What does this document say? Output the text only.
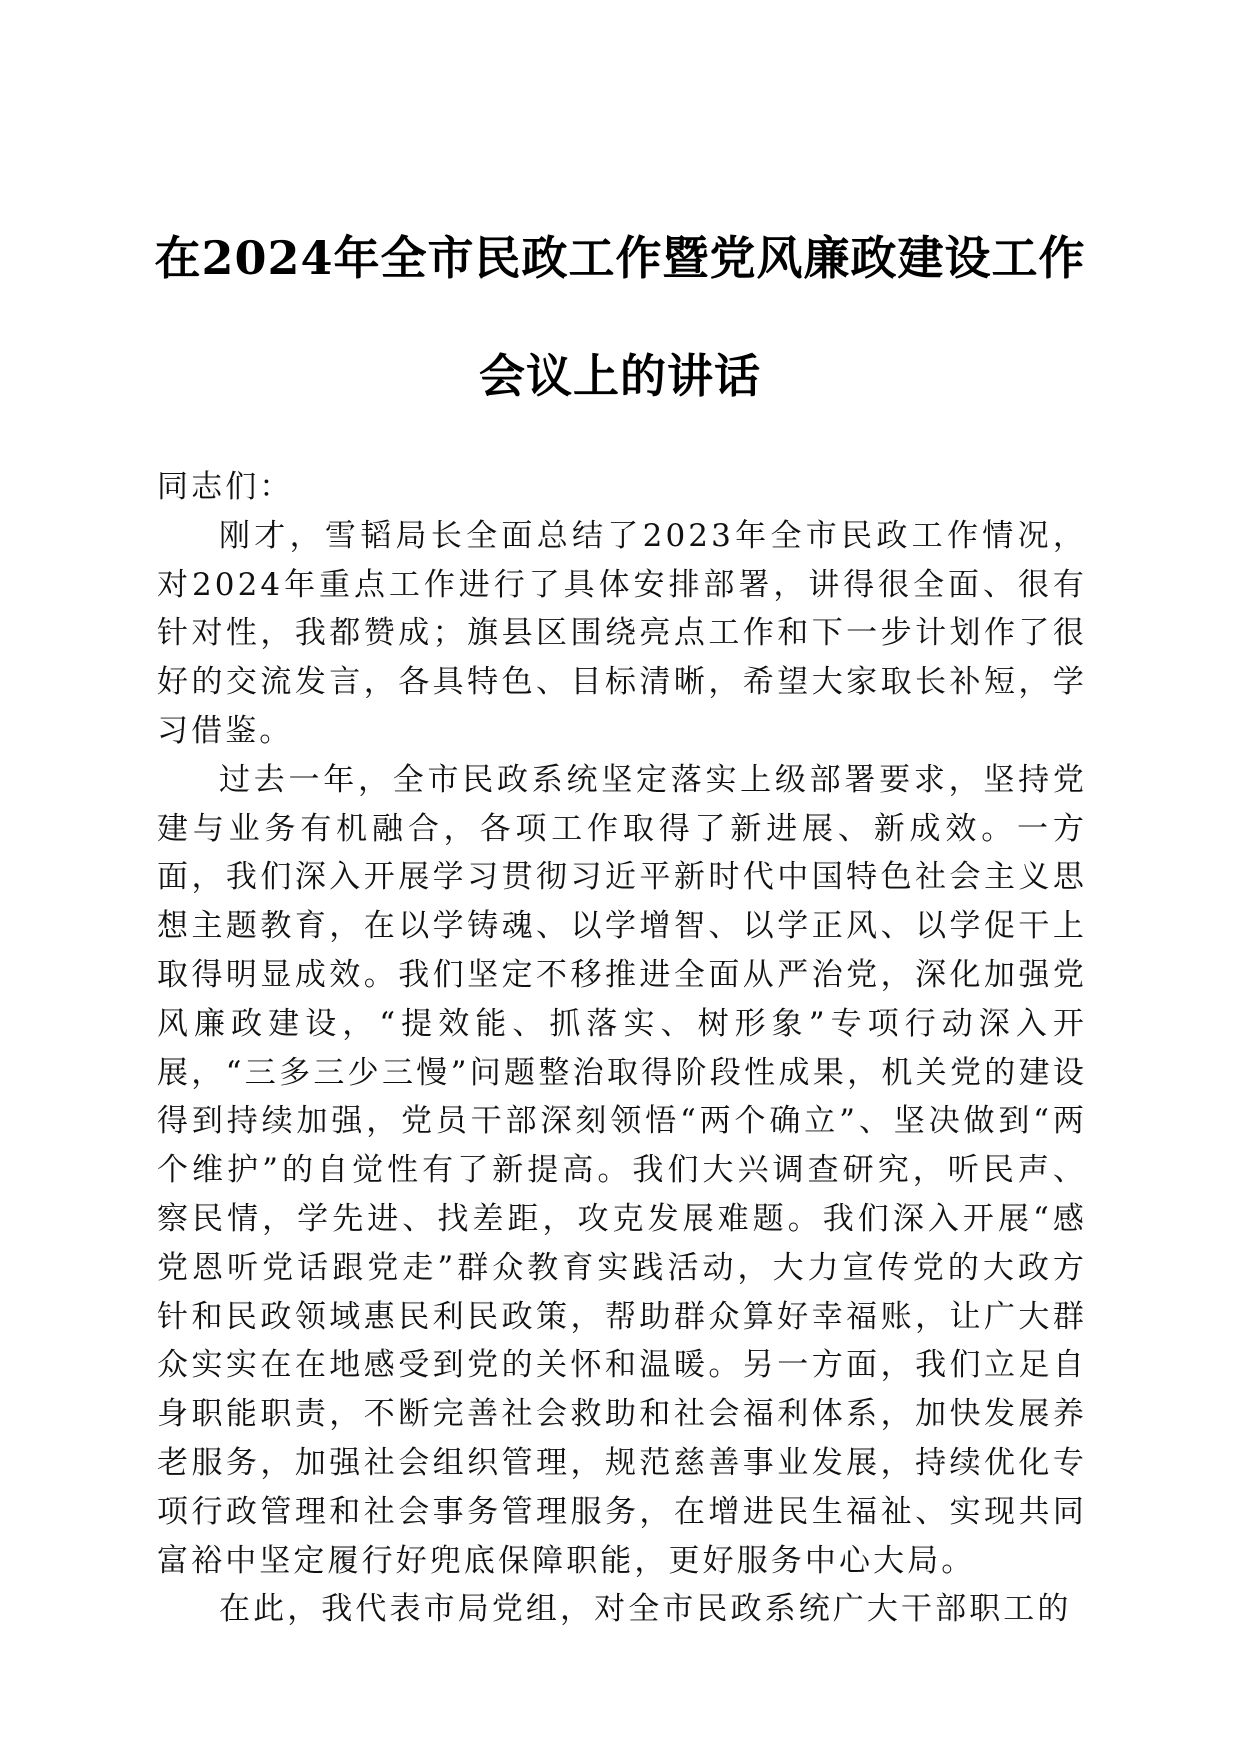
在2024年全市民政工作暨党风廉政建设工作
会议上的讲话

同志们：

刚才，雪韬局长全面总结了2023年全市民政工作情况，对2024年重点工作进行了具体安排部署，讲得很全面、很有针对性，我都赞成；旗县区围绕亮点工作和下一步计划作了很好的交流发言，各具特色、目标清晰，希望大家取长补短，学习借鉴。

过去一年，全市民政系统坚定落实上级部署要求，坚持党建与业务有机融合，各项工作取得了新进展、新成效。一方面，我们深入开展学习贯彻习近平新时代中国特色社会主义思想主题教育，在以学铸魂、以学增智、以学正风、以学促干上取得明显成效。我们坚定不移推进全面从严治党，深化加强党风廉政建设，“提效能、抓落实、树形象”专项行动深入开展，“三多三少三慢”问题整治取得阶段性成果，机关党的建设得到持续加强，党员干部深刻领悟“两个确立”、坚决做到“两个维护”的自觉性有了新提高。我们大兴调查研究，听民声、察民情，学先进、找差距，攻克发展难题。我们深入开展“感党恩听党话跟党走”群众教育实践活动，大力宣传党的大政方针和民政领域惠民利民政策，帮助群众算好幸福账，让广大群众实实在在地感受到党的关怀和温暖。另一方面，我们立足自身职能职责，不断完善社会救助和社会福利体系，加快发展养老服务，加强社会组织管理，规范慈善事业发展，持续优化专项行政管理和社会事务管理服务，在增进民生福祉、实现共同富裕中坚定履行好兜底保障职能，更好服务中心大局。

在此，我代表市局党组，对全市民政系统广大干部职工的
